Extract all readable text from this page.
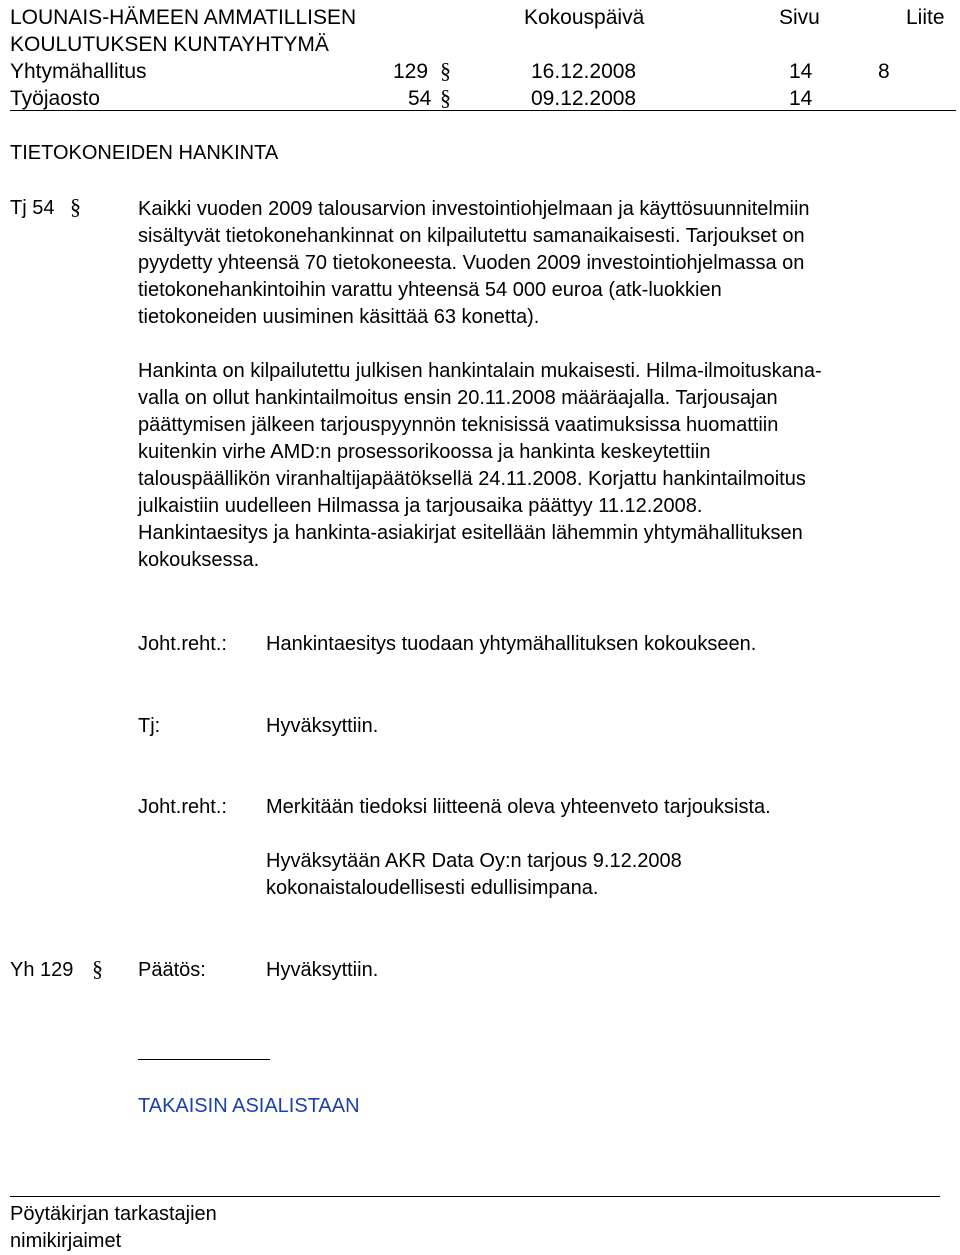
LOUNAIS-HÄMEEN AMMATILLISEN
KOULUTUKSEN KUNTAYHTYMÄ
Kokouspäivä	Sivu	Liite
Yhtymähallitus	129 §	16.12.2008	14	8
Työjaosto	54 §	09.12.2008	14
TIETOKONEIDEN HANKINTA
Tj 54 §	Kaikki vuoden 2009 talousarvion investointiohjelmaan ja käyttösuunnitelmiin
sisältyvät tietokonehankinnat on kilpailutettu samanaikaisesti. Tarjoukset on
pyydetty yhteensä 70 tietokoneesta. Vuoden 2009 investointiohjelmassa on
tietokonehankintoihin varattu yhteensä 54 000 euroa (atk-luokkien
tietokoneiden uusiminen käsittää 63 konetta).
Hankinta on kilpailutettu julkisen hankintalain mukaisesti. Hilma-ilmoituskana-
valla on ollut hankintailmoitus ensin 20.11.2008 määräajalla. Tarjousajan
päättymisen jälkeen tarjouspyynnön teknisissä vaatimuksissa huomattiin
kuitenkin virhe AMD:n prosessorikoossa ja hankinta keskeytettiin
talouspäällikön viranhaltijapäätöksellä 24.11.2008. Korjattu hankintailmoitus
julkaistiin uudelleen Hilmassa ja tarjousaika päättyy 11.12.2008.
Hankintaesitys ja hankinta-asiakirjat esitellään lähemmin yhtymähallituksen
kokouksessa.
Joht.reht.: Hankintaesitys tuodaan yhtymähallituksen kokoukseen.
Tj:	Hyväksyttiin.
Joht.reht.: Merkitään tiedoksi liitteenä oleva yhteenveto tarjouksista.
Hyväksytään AKR Data Oy:n tarjous 9.12.2008
kokonaistaloudellisesti edullisimpana.
Yh 129 § Päätös:	Hyväksyttiin.
TAKAISIN ASIALISTAAN
Pöytäkirjan tarkastajien
nimikirjaimet
